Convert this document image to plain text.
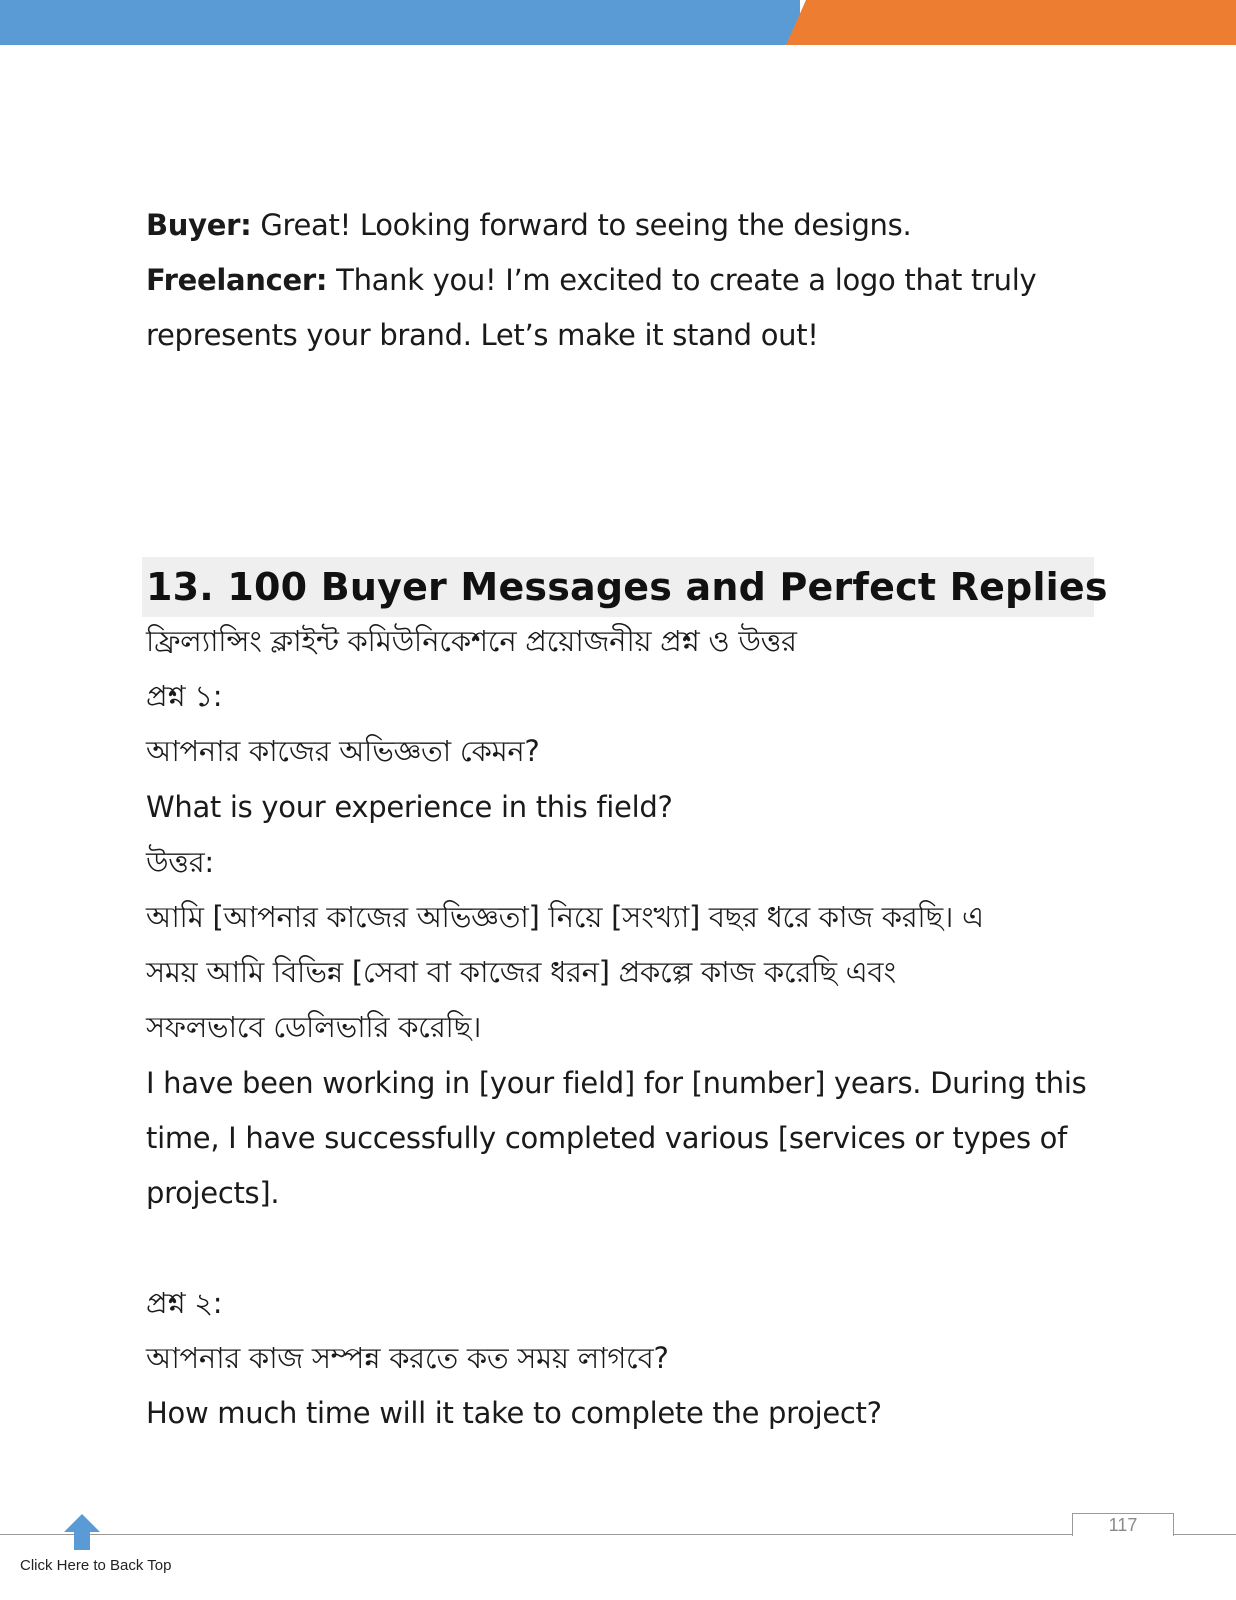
Buyer: Great! Looking forward to seeing the designs.
Freelancer: Thank you! I’m excited to create a logo that truly
represents your brand. Let’s make it stand out!
13. 100 Buyer Messages and Perfect Replies
ফ্রিল্যান্সিং ক্লাইন্ট কমিউনিকেশনে প্রয়োজনীয় প্রশ্ন ও উত্তর
প্রশ্ন ১:
আপনার কাজের অভিজ্ঞতা কেমন?
What is your experience in this field?
উত্তর:
আমি [আপনার কাজের অভিজ্ঞতা] নিয়ে [সংখ্যা] বছর ধরে কাজ করছি। এ
সময় আমি বিভিন্ন [সেবা বা কাজের ধরন] প্রকল্পে কাজ করেছি এবং
সফলভাবে ডেলিভারি করেছি।
I have been working in [your field] for [number] years. During this
time, I have successfully completed various [services or types of
projects].
প্রশ্ন ২:
আপনার কাজ সম্পন্ন করতে কত সময় লাগবে?
How much time will it take to complete the project?
117
Click Here to Back Top
